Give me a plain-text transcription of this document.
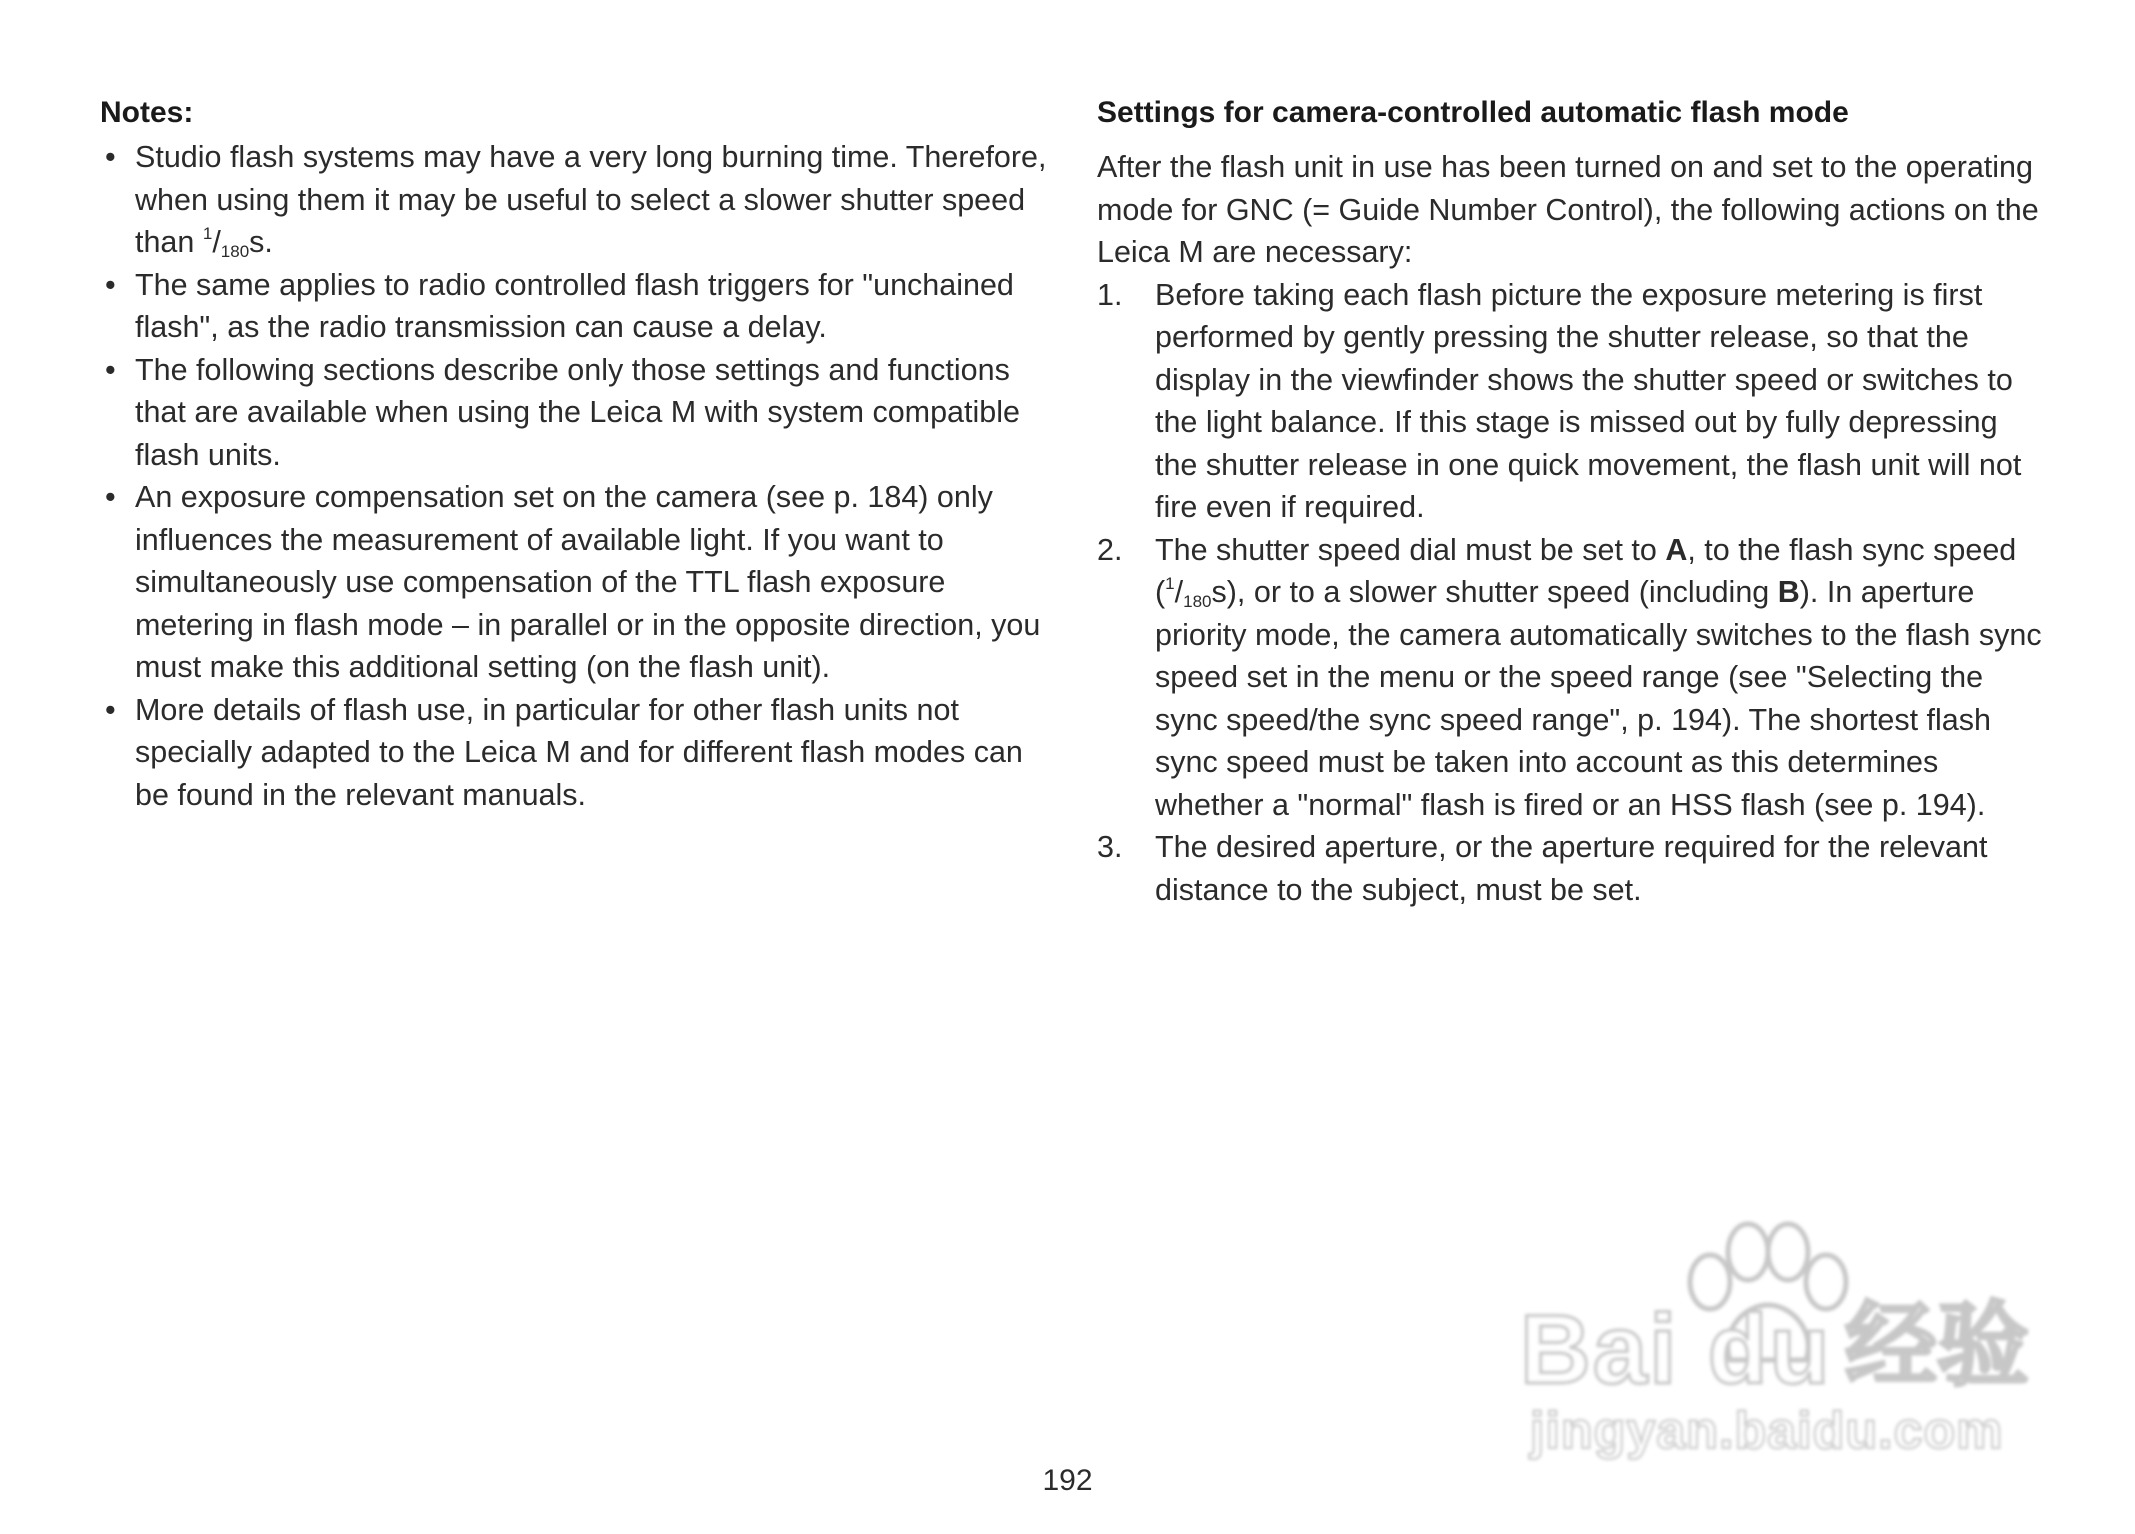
Notes:
• Studio flash systems may have a very long burning time. Therefore, when using them it may be useful to select a slower shutter speed than $^1/_{180}s$.
• The same applies to radio controlled flash triggers for "unchained flash", as the radio transmission can cause a delay.
• The following sections describe only those settings and functions that are available when using the Leica M with system compatible flash units.
• An exposure compensation set on the camera (see p. 184) only influences the measurement of available light. If you want to simultaneously use compensation of the TTL flash exposure metering in flash mode – in parallel or in the opposite direction, you must make this additional setting (on the flash unit).
• More details of flash use, in particular for other flash units not specially adapted to the Leica M and for different flash modes can be found in the relevant manuals.
Settings for camera-controlled automatic flash mode

After the flash unit in use has been turned on and set to the operating mode for GNC (= Guide Number Control), the following actions on the Leica M are necessary:

1. Before taking each flash picture the exposure metering is first performed by gently pressing the shutter release, so that the display in the viewfinder shows the shutter speed or switches to the light balance. If this stage is missed out by fully depressing the shutter release in one quick movement, the flash unit will not fire even if required.
2. The shutter speed dial must be set to A, to the flash sync speed $(^1/_{180}s)$, or to a slower shutter speed (including B). In aperture priority mode, the camera automatically switches to the flash sync speed set in the menu or the speed range (see "Selecting the sync speed/the sync speed range", p. 194). The shortest flash sync speed must be taken into account as this determines whether a "normal" flash is fired or an HSS flash (see p. 194).
3. The desired aperture, or the aperture required for the relevant distance to the subject, must be set.
192
Bai du 经验
jingyan.baidu.com
